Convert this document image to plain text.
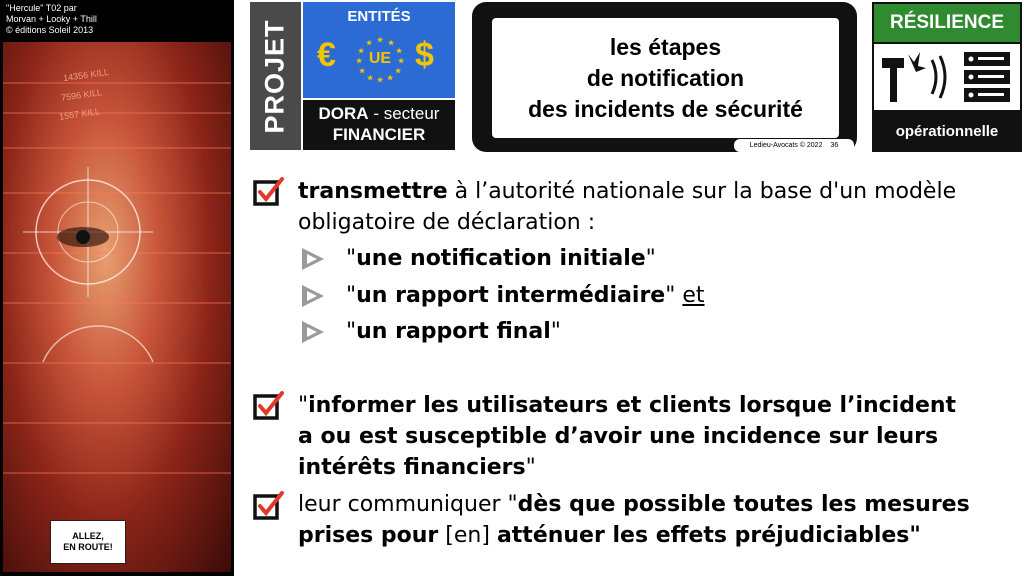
"Hercule" T02 par
Morvan + Looky + Thill
© éditions Soleil 2013
14356 KILL
7596 KILL
1557 KILL
ALLEZ,
EN ROUTE!
PROJET
ENTITÉS
€	★ ★
★
★
★
★
★
★
★
★
★
★
UE $
DORA - secteur
FINANCIER
les étapes
de notification
des incidents de sécurité
Ledieu-Avocats © 2022 36
RÉSILIENCE
opérationnelle
transmettre à l’autorité nationale sur la base d'un modèle
obligatoire de déclaration :
"une notification initiale"
"un rapport intermédiaire" et
"un rapport final"
"informer les utilisateurs et clients lorsque l’incident
a ou est susceptible d’avoir une incidence sur leurs
intérêts financiers"
leur communiquer "dès que possible toutes les mesures
prises pour [en] atténuer les effets préjudiciables"
